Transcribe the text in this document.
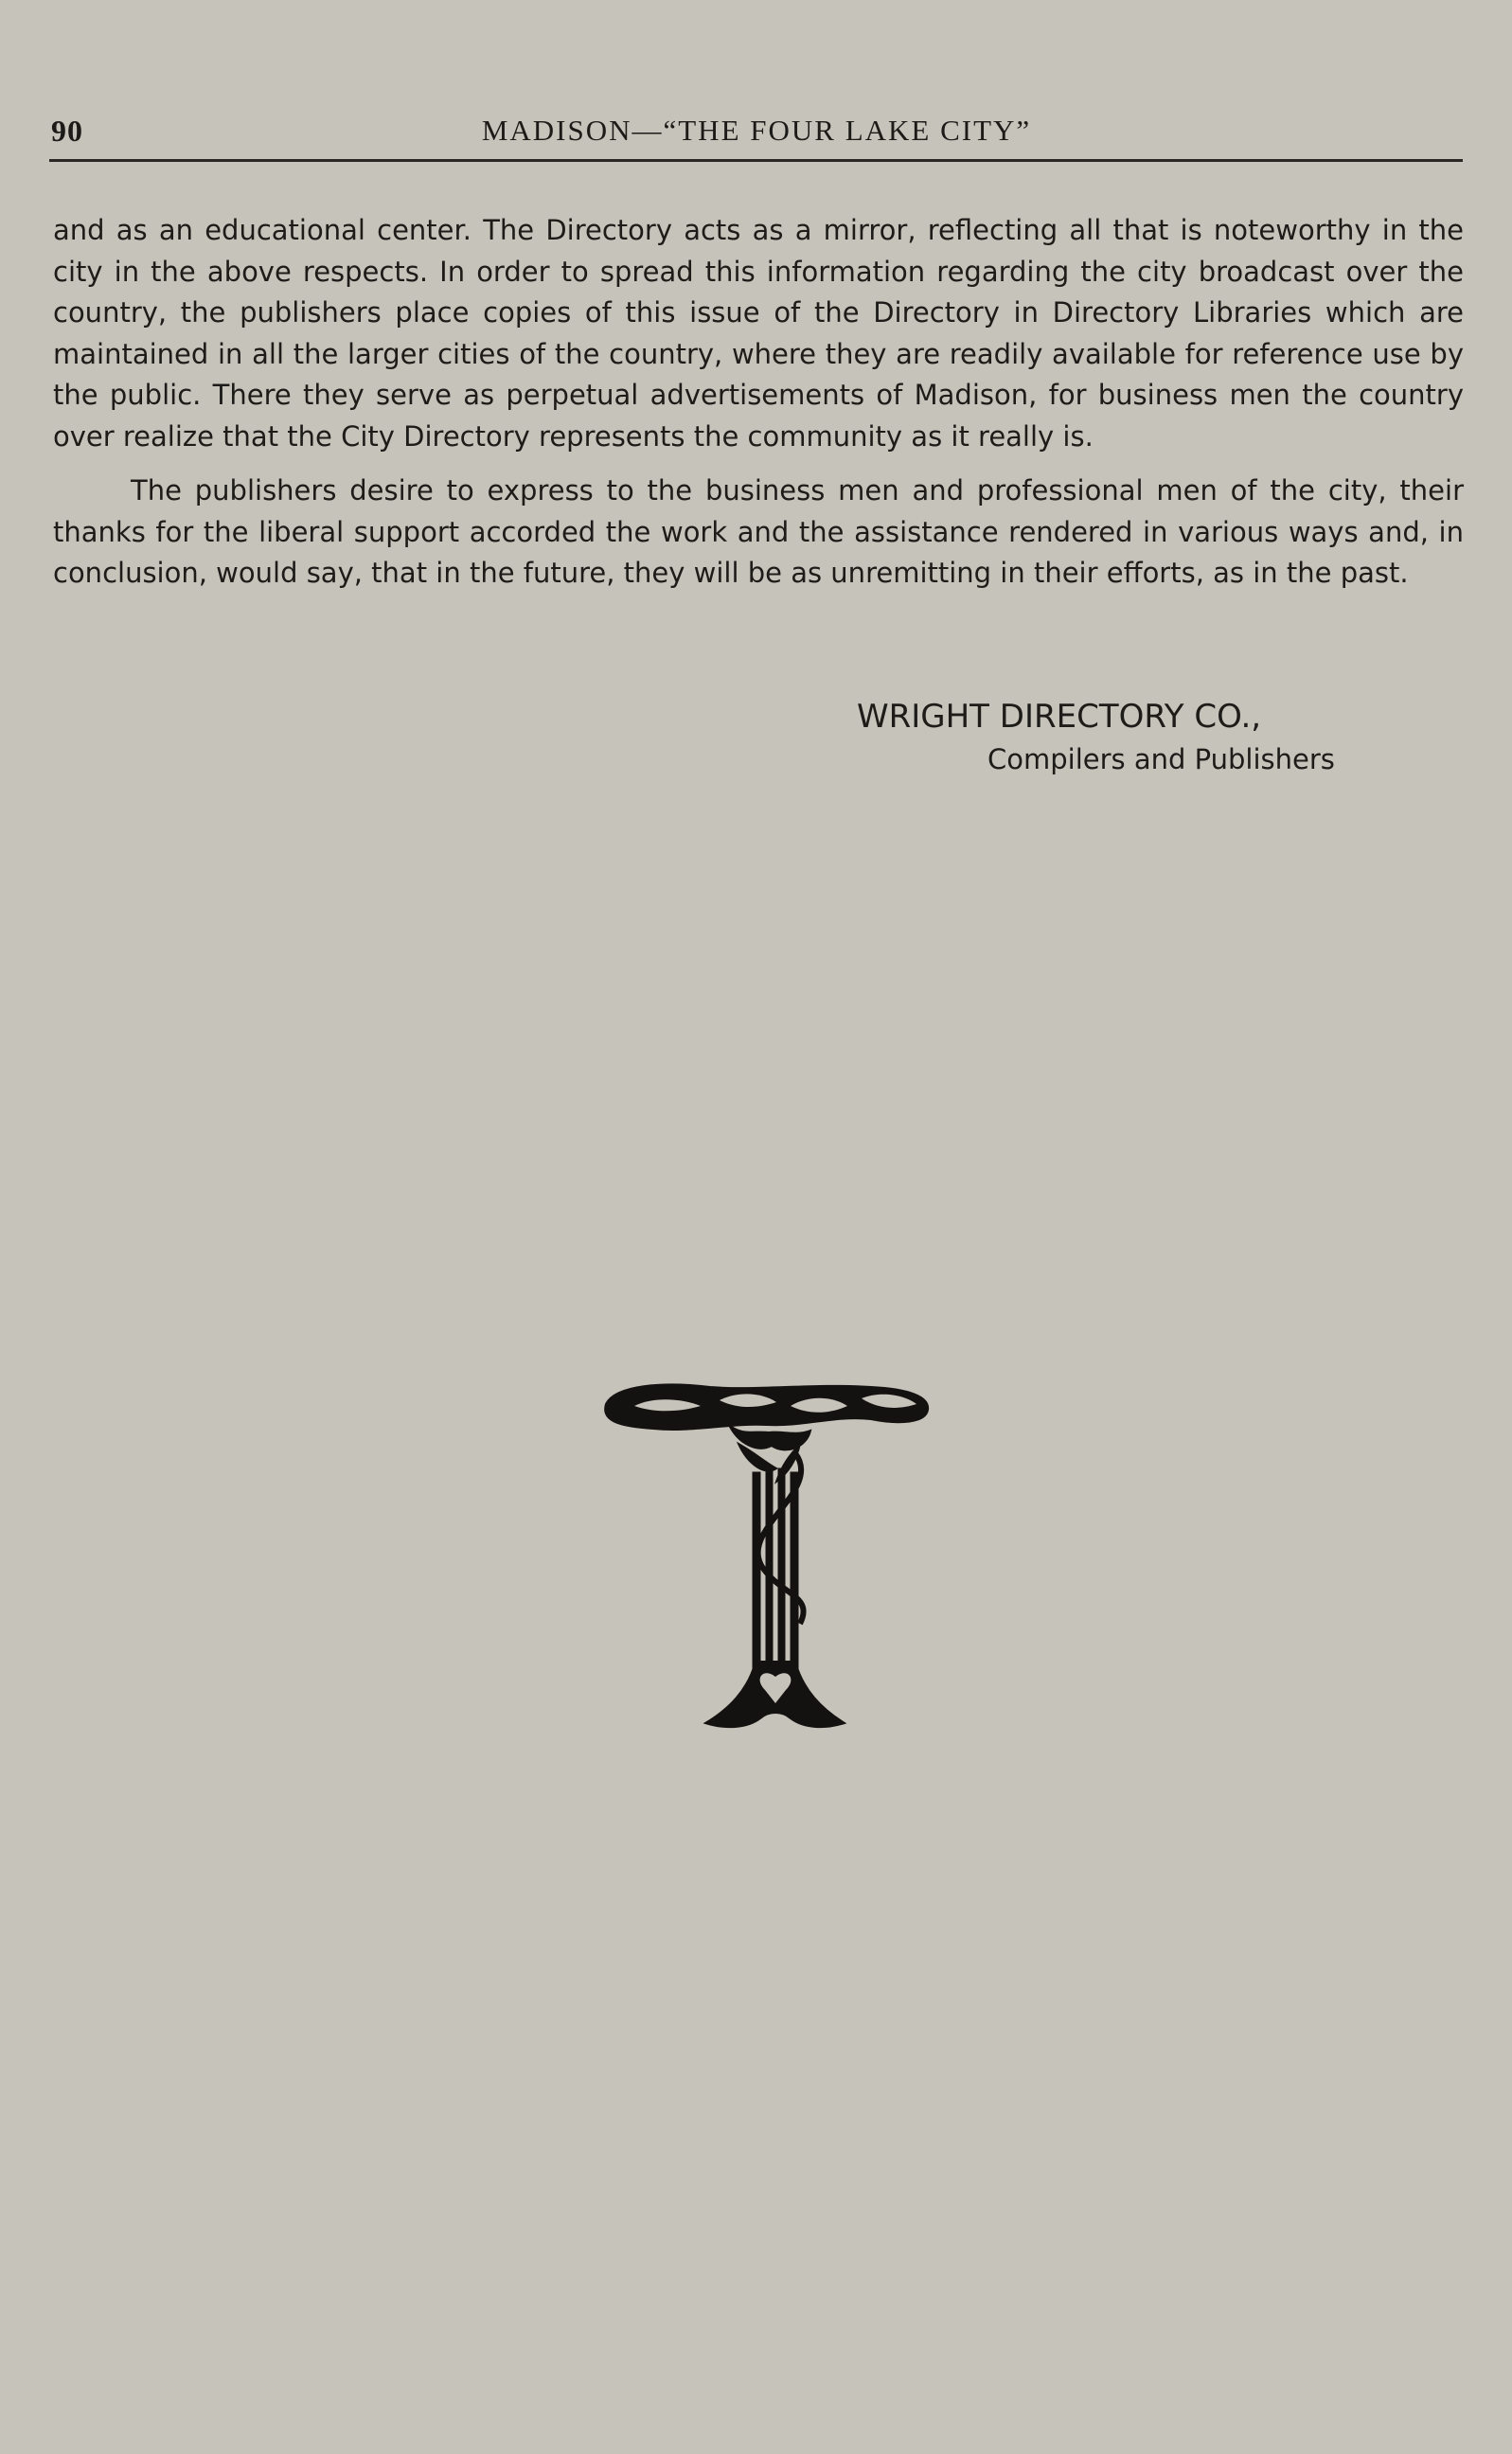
90	MADISON—“THE FOUR LAKE CITY”

and as an educational center. The Directory acts as a mirror, reflecting all that is noteworthy in the city in the above respects. In order to spread this information regarding the city broadcast over the country, the publishers place copies of this issue of the Directory in Directory Libraries which are maintained in all the larger cities of the country, where they are readily available for reference use by the public. There they serve as perpetual advertisements of Madison, for business men the country over realize that the City Directory represents the community as it really is.

The publishers desire to express to the business men and professional men of the city, their thanks for the liberal support accorded the work and the assistance rendered in various ways and, in conclusion, would say, that in the future, they will be as unremitting in their efforts, as in the past.

WRIGHT DIRECTORY CO.,
Compilers and Publishers
